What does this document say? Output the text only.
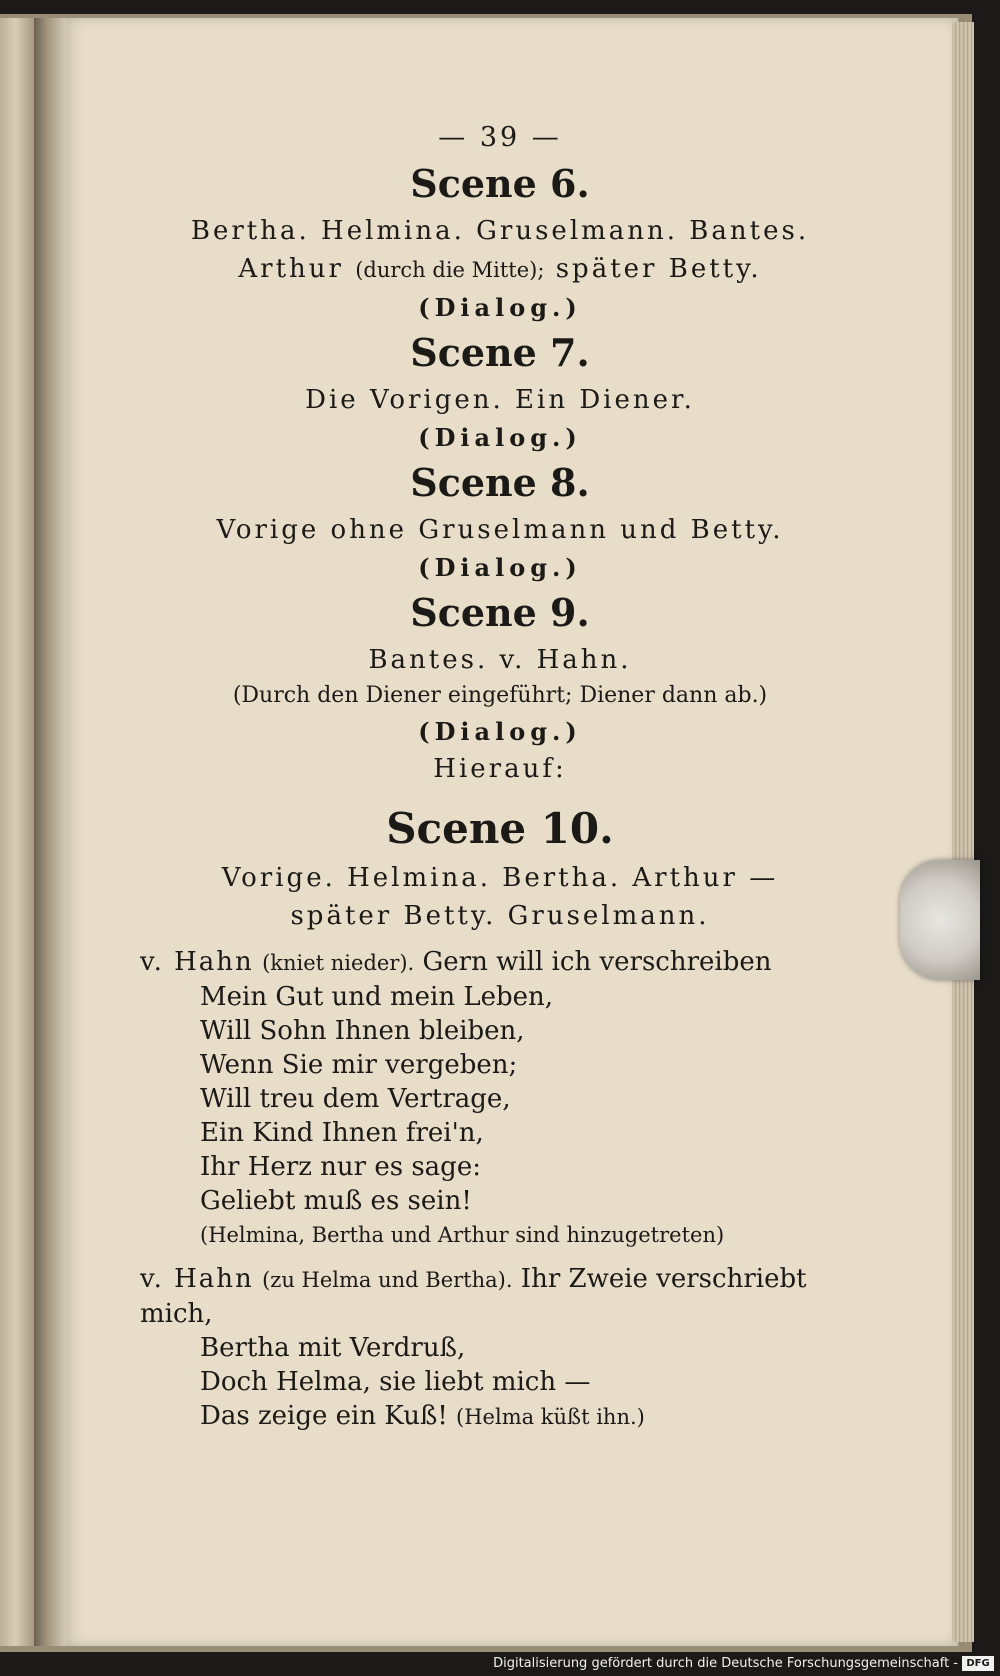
— 39 —
Scene 6.
Bertha. Helmina. Gruselmann. Bantes.
Arthur (durch die Mitte); später Betty.
(Dialog.)
Scene 7.
Die Vorigen. Ein Diener.
(Dialog.)
Scene 8.
Vorige ohne Gruselmann und Betty.
(Dialog.)
Scene 9.
Bantes. v. Hahn.
(Durch den Diener eingeführt; Diener dann ab.)
(Dialog.)
Hierauf:
Scene 10.
Vorige. Helmina. Bertha. Arthur —
später Betty. Gruselmann.
v. Hahn (kniet nieder). Gern will ich verschreiben
Mein Gut und mein Leben,
Will Sohn Ihnen bleiben,
Wenn Sie mir vergeben;
Will treu dem Vertrage,
Ein Kind Ihnen frei'n,
Ihr Herz nur es sage:
Geliebt muß es sein!
(Helmina, Bertha und Arthur sind hinzugetreten)
v. Hahn (zu Helma und Bertha). Ihr Zweie verschriebt mich,
Bertha mit Verdruß,
Doch Helma, sie liebt mich —
Das zeige ein Kuß! (Helma küßt ihn.)
Digitalisierung gefördert durch die Deutsche Forschungsgemeinschaft - DFG
